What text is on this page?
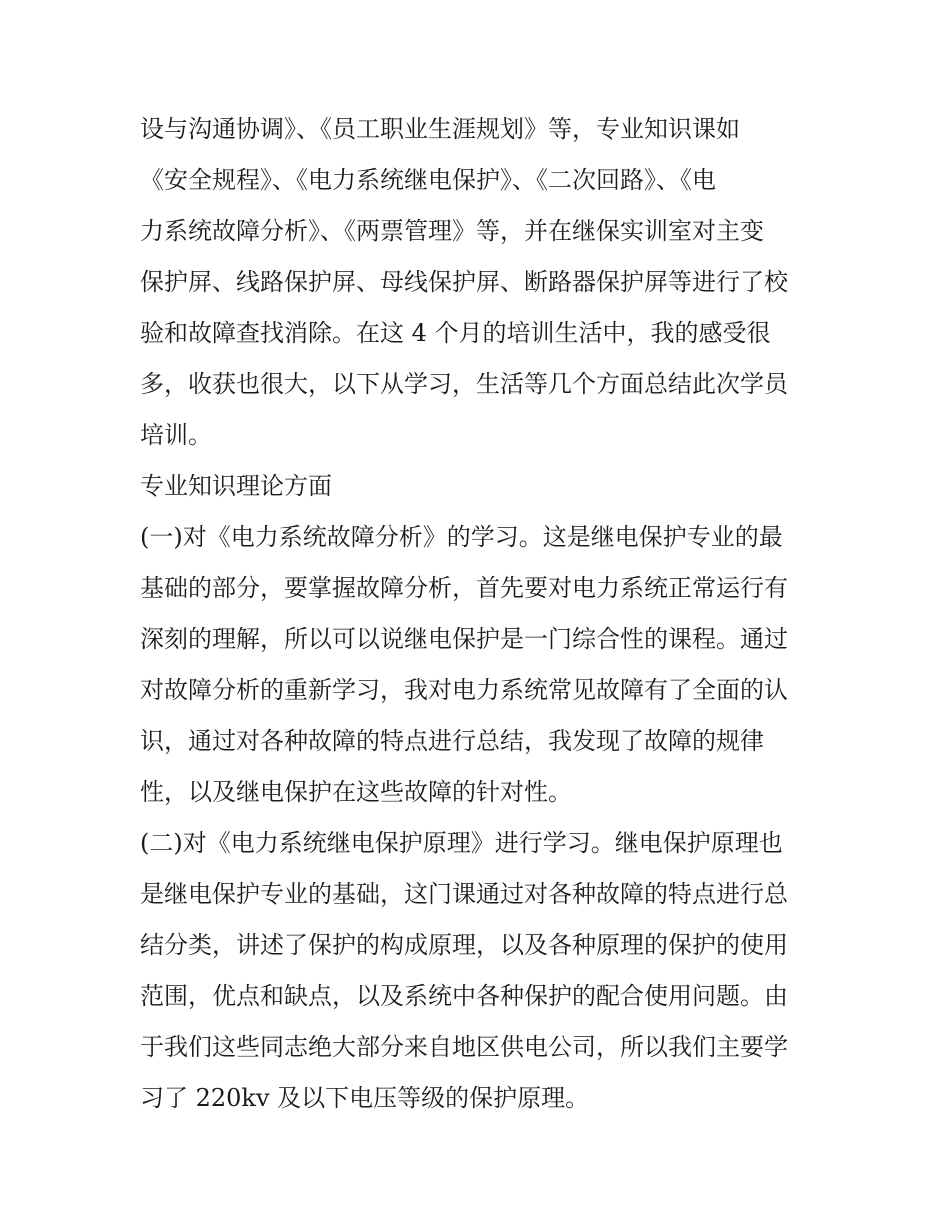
设与沟通协调》、《员工职业生涯规划》等，专业知识课如
《安全规程》、《电力系统继电保护》、《二次回路》、《电
力系统故障分析》、《两票管理》等，并在继保实训室对主变
保护屏、线路保护屏、母线保护屏、断路器保护屏等进行了校
验和故障查找消除。在这 4 个月的培训生活中，我的感受很
多，收获也很大，以下从学习，生活等几个方面总结此次学员
培训。
专业知识理论方面
(一)对《电力系统故障分析》的学习。这是继电保护专业的最
基础的部分，要掌握故障分析，首先要对电力系统正常运行有
深刻的理解，所以可以说继电保护是一门综合性的课程。通过
对故障分析的重新学习，我对电力系统常见故障有了全面的认
识，通过对各种故障的特点进行总结，我发现了故障的规律
性，以及继电保护在这些故障的针对性。
(二)对《电力系统继电保护原理》进行学习。继电保护原理也
是继电保护专业的基础，这门课通过对各种故障的特点进行总
结分类，讲述了保护的构成原理，以及各种原理的保护的使用
范围，优点和缺点，以及系统中各种保护的配合使用问题。由
于我们这些同志绝大部分来自地区供电公司，所以我们主要学
习了 220kv 及以下电压等级的保护原理。
